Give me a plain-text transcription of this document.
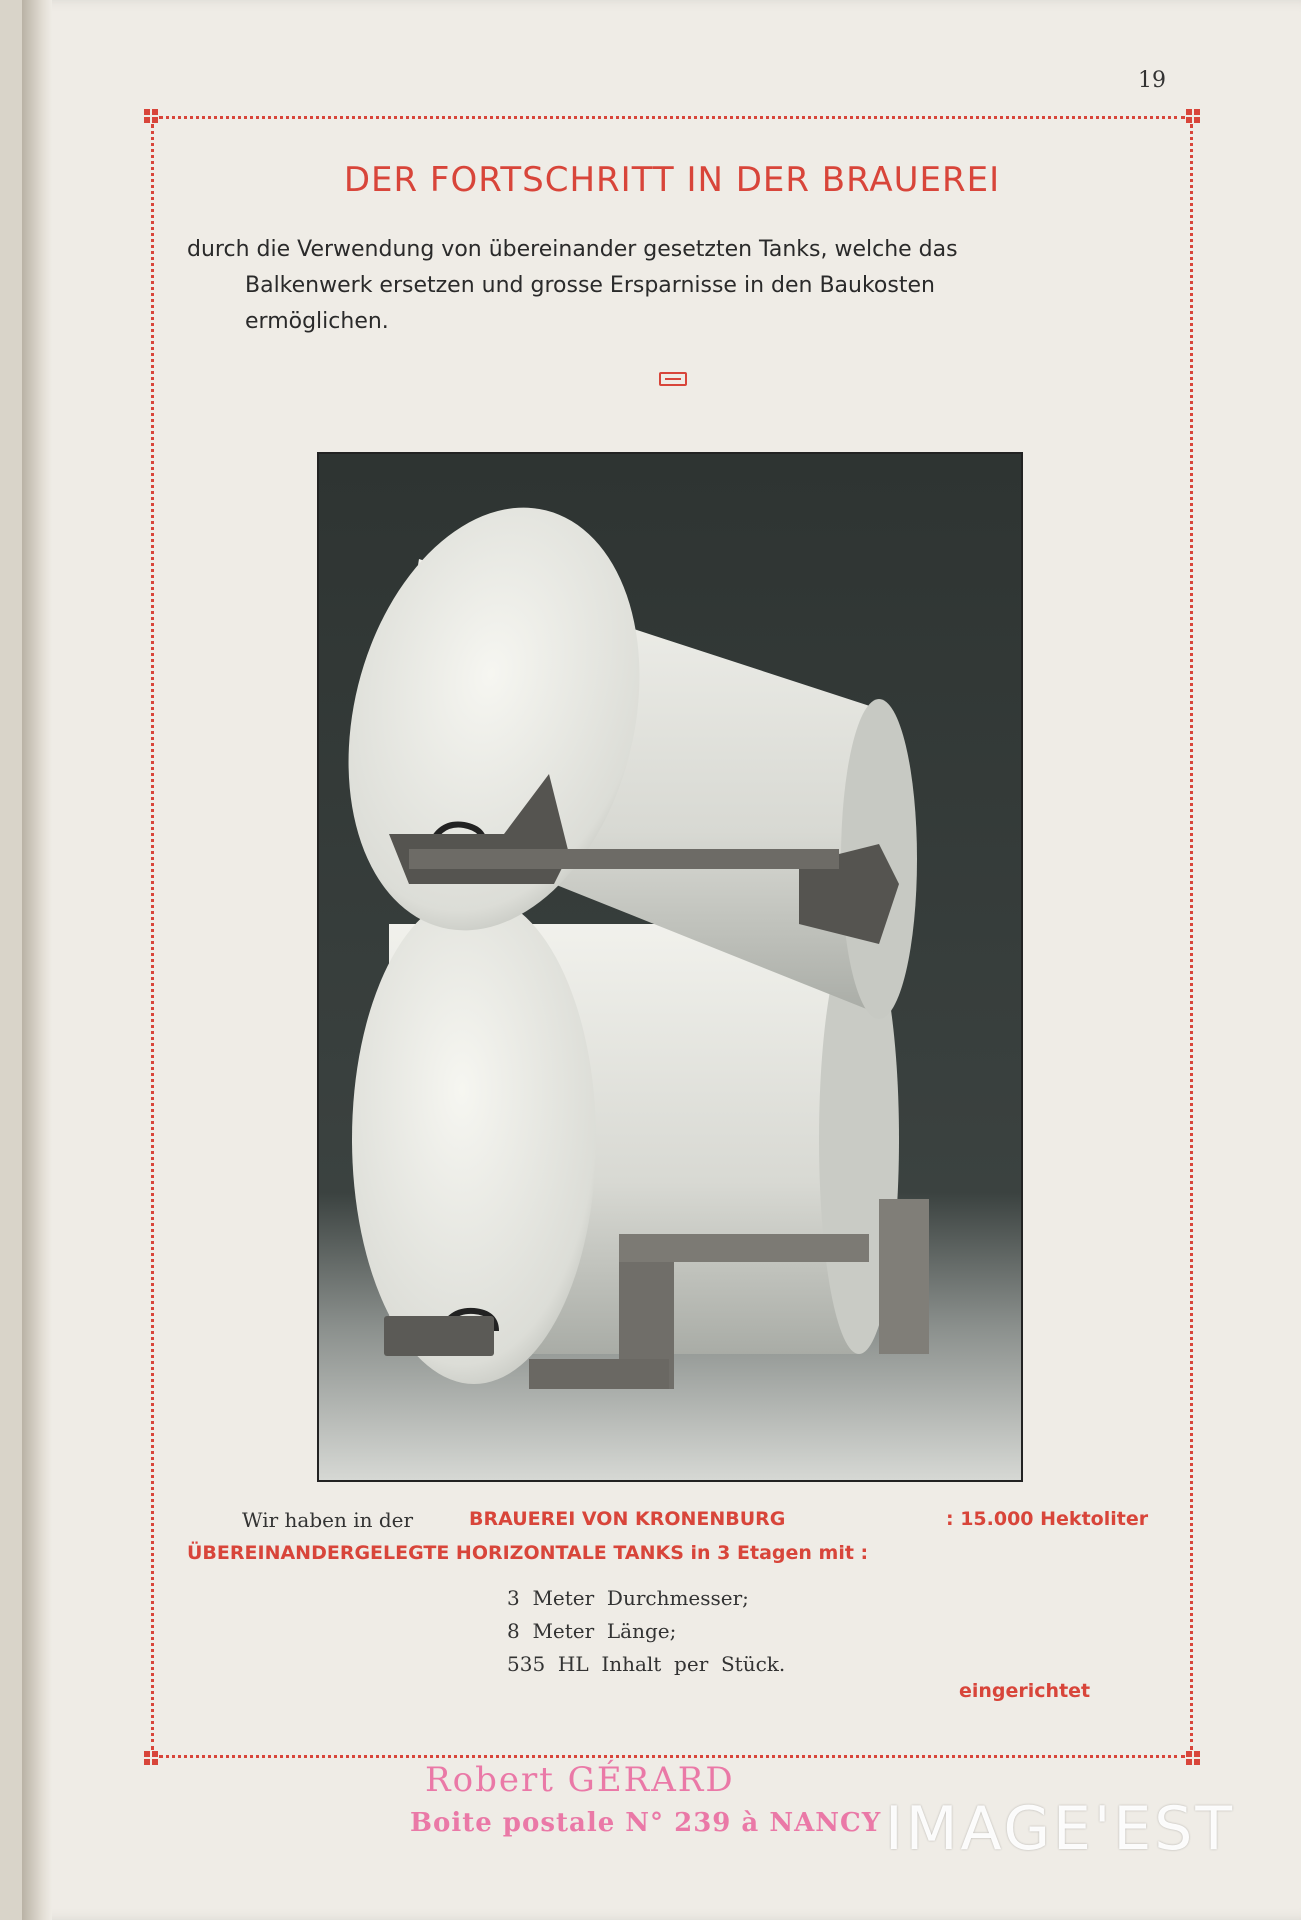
19
DER FORTSCHRITT IN DER BRAUEREI
durch die Verwendung von übereinander gesetzten Tanks, welche das
Balkenwerk ersetzen und grosse Ersparnisse in den Baukosten
ermöglichen.
Wir haben in der	BRAUEREI VON KRONENBURG	: 15.000 Hektoliter
ÜBEREINANDERGELEGTE HORIZONTALE TANKS in 3 Etagen mit :
3  Meter  Durchmesser;
8  Meter  Länge;
535  HL  Inhalt  per  Stück.
eingerichtet
Robert GÉRARD
Boite postale N° 239 à NANCY IMAGE'EST
